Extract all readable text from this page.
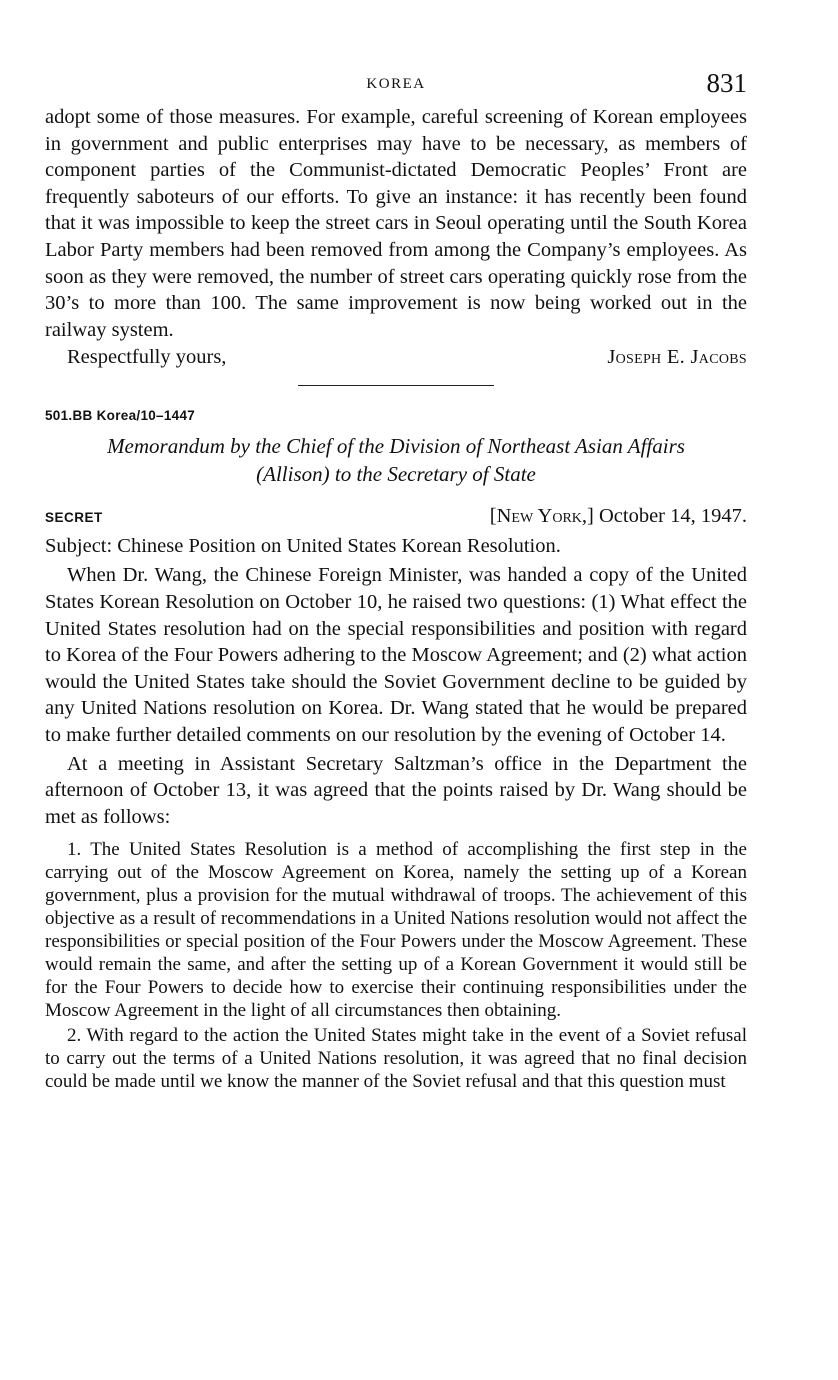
KOREA	831

adopt some of those measures. For example, careful screening of Korean employees in government and public enterprises may have to be necessary, as members of component parties of the Communist-dictated Democratic Peoples’ Front are frequently saboteurs of our efforts. To give an instance: it has recently been found that it was impossible to keep the street cars in Seoul operating until the South Korea Labor Party members had been removed from among the Company’s employees. As soon as they were removed, the number of street cars operating quickly rose from the 30’s to more than 100. The same improvement is now being worked out in the railway system.

Respectfully yours,	Joseph E. Jacobs
501.BB Korea/10–1447
Memorandum by the Chief of the Division of Northeast Asian Affairs
(Allison) to the Secretary of State
SECRET	[New York,] October 14, 1947.
Subject: Chinese Position on United States Korean Resolution.

When Dr. Wang, the Chinese Foreign Minister, was handed a copy of the United States Korean Resolution on October 10, he raised two questions: (1) What effect the United States resolution had on the special responsibilities and position with regard to Korea of the Four Powers adhering to the Moscow Agreement; and (2) what action would the United States take should the Soviet Government decline to be guided by any United Nations resolution on Korea. Dr. Wang stated that he would be prepared to make further detailed comments on our resolution by the evening of October 14.

At a meeting in Assistant Secretary Saltzman’s office in the Department the afternoon of October 13, it was agreed that the points raised by Dr. Wang should be met as follows:

1. The United States Resolution is a method of accomplishing the first step in the carrying out of the Moscow Agreement on Korea, namely the setting up of a Korean government, plus a provision for the mutual withdrawal of troops. The achievement of this objective as a result of recommendations in a United Nations resolution would not affect the responsibilities or special position of the Four Powers under the Moscow Agreement. These would remain the same, and after the setting up of a Korean Government it would still be for the Four Powers to decide how to exercise their continuing responsibilities under the Moscow Agreement in the light of all circumstances then obtaining.

2. With regard to the action the United States might take in the event of a Soviet refusal to carry out the terms of a United Nations resolution, it was agreed that no final decision could be made until we know the manner of the Soviet refusal and that this question must
